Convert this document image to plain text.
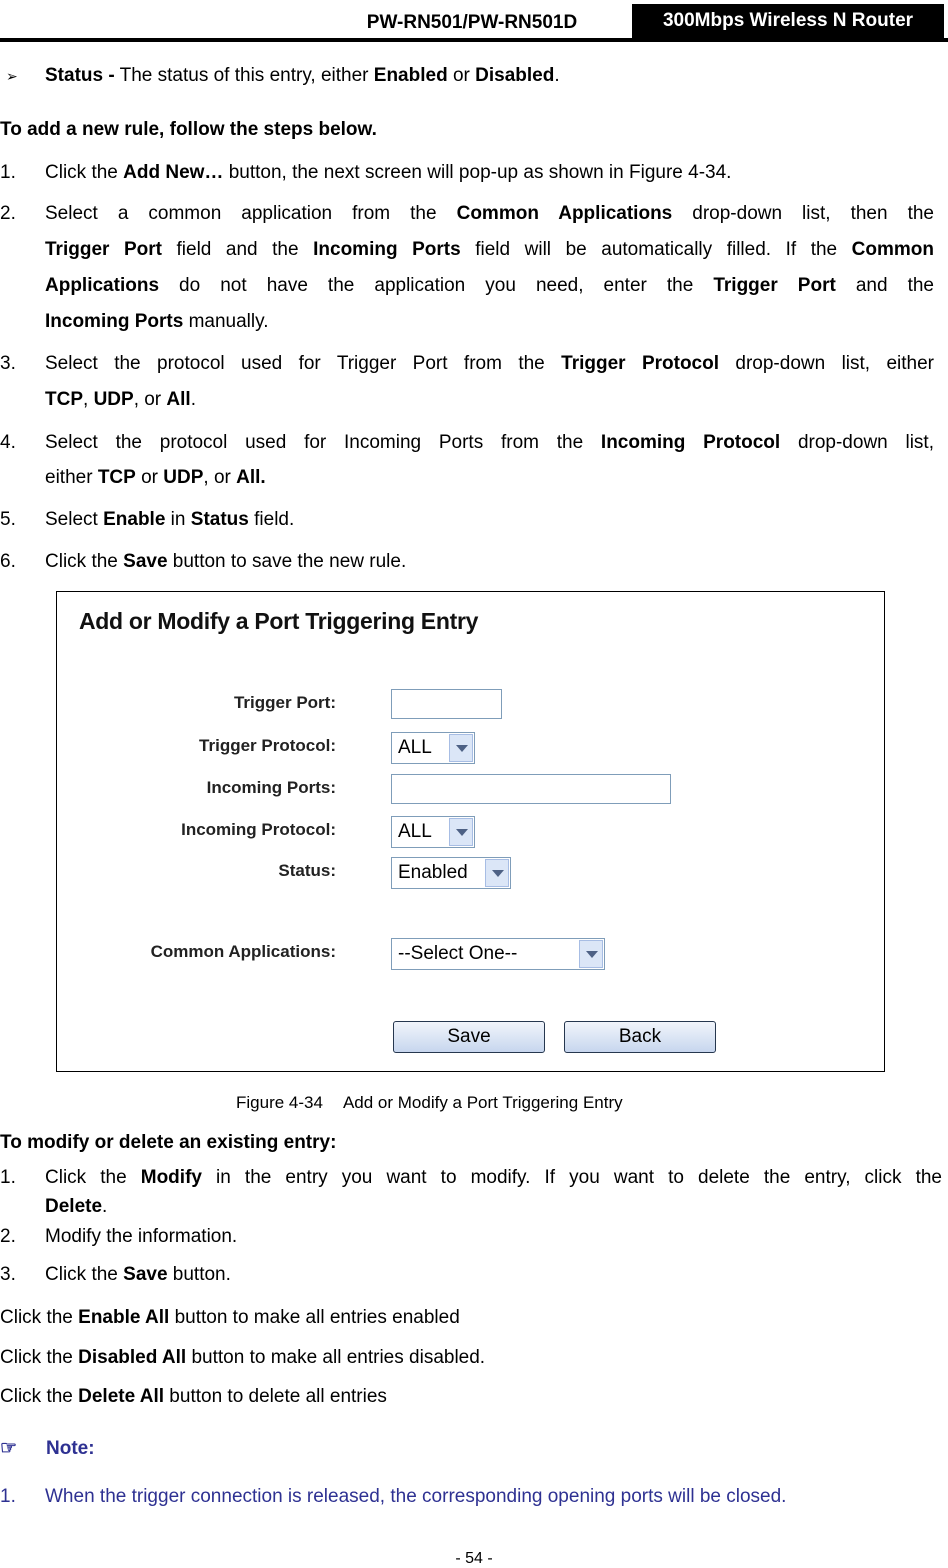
PW-RN501/PW-RN501D	300Mbps Wireless N Router
➢ Status - The status of this entry, either Enabled or Disabled.
To add a new rule, follow the steps below.
1. Click the Add New… button, the next screen will pop-up as shown in Figure 4-34.
2. Select a common application from the Common Applications drop-down list, then the
Trigger Port field and the Incoming Ports field will be automatically filled. If the Common
Applications do not have the application you need, enter the Trigger Port and the
Incoming Ports manually.
3. Select the protocol used for Trigger Port from the Trigger Protocol drop-down list, either
TCP, UDP, or All.
4. Select the protocol used for Incoming Ports from the Incoming Protocol drop-down list,
either TCP or UDP, or All.
5. Select Enable in Status field.
6. Click the Save button to save the new rule.
Add or Modify a Port Triggering Entry
Trigger Port:
Trigger Protocol:	ALL
Incoming Ports:
Incoming Protocol:	ALL
Status:	Enabled
Common Applications:	--Select One--
Save	Back
Figure 4-34 Add or Modify a Port Triggering Entry
To modify or delete an existing entry:
1. Click the Modify in the entry you want to modify. If you want to delete the entry, click the
Delete.
2. Modify the information.
3. Click the Save button.
Click the Enable All button to make all entries enabled
Click the Disabled All button to make all entries disabled.
Click the Delete All button to delete all entries
☞ Note:
1. When the trigger connection is released, the corresponding opening ports will be closed.
- 54 -
